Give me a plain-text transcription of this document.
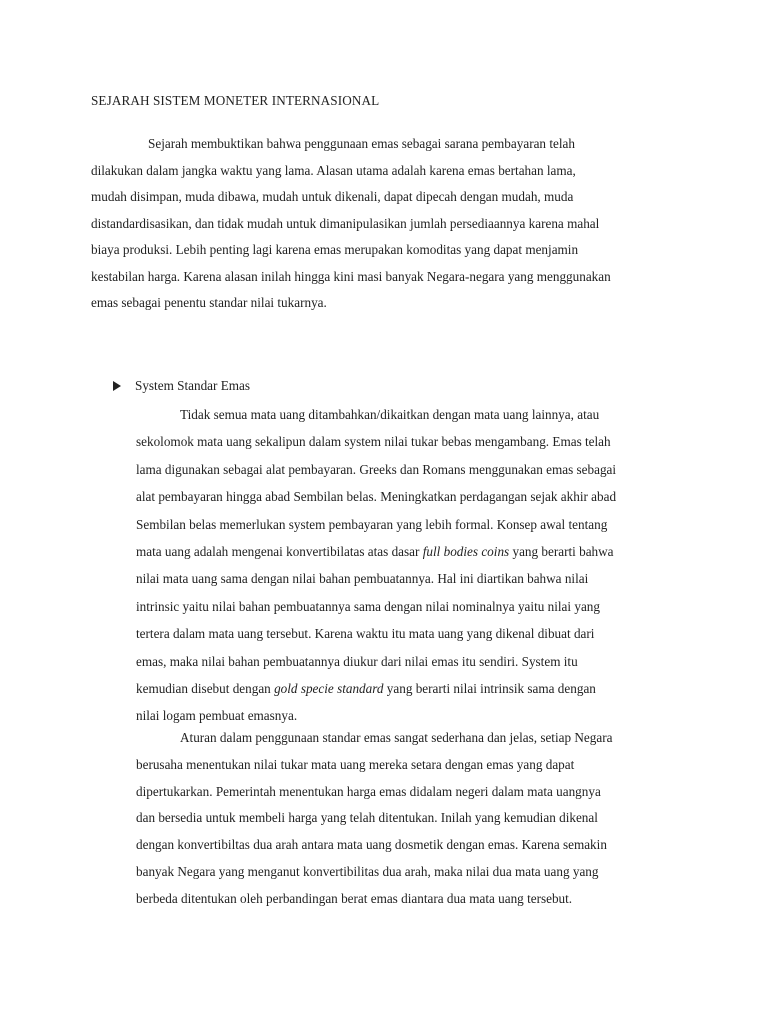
SEJARAH SISTEM MONETER INTERNASIONAL

Sejarah membuktikan bahwa penggunaan emas sebagai sarana pembayaran telah
dilakukan dalam jangka waktu yang lama. Alasan utama adalah karena emas bertahan lama,
mudah disimpan, muda dibawa, mudah untuk dikenali, dapat dipecah dengan mudah, muda
distandardisasikan, dan tidak mudah untuk dimanipulasikan jumlah persediaannya karena mahal
biaya produksi. Lebih penting lagi karena emas merupakan komoditas yang dapat menjamin
kestabilan harga. Karena alasan inilah hingga kini masi banyak Negara-negara yang menggunakan
emas sebagai penentu standar nilai tukarnya.

System Standar Emas

Tidak semua mata uang ditambahkan/dikaitkan dengan mata uang lainnya, atau
sekolomok mata uang sekalipun dalam system nilai tukar bebas mengambang. Emas telah
lama digunakan sebagai alat pembayaran. Greeks dan Romans menggunakan emas sebagai
alat pembayaran hingga abad Sembilan belas. Meningkatkan perdagangan sejak akhir abad
Sembilan belas memerlukan system pembayaran yang lebih formal. Konsep awal tentang
mata uang adalah mengenai konvertibilatas atas dasar full bodies coins yang berarti bahwa
nilai mata uang sama dengan nilai bahan pembuatannya. Hal ini diartikan bahwa nilai
intrinsic yaitu nilai bahan pembuatannya sama dengan nilai nominalnya yaitu nilai yang
tertera dalam mata uang tersebut. Karena waktu itu mata uang yang dikenal dibuat dari
emas, maka nilai bahan pembuatannya diukur dari nilai emas itu sendiri. System itu
kemudian disebut dengan gold specie standard yang berarti nilai intrinsik sama dengan
nilai logam pembuat emasnya.

Aturan dalam penggunaan standar emas sangat sederhana dan jelas, setiap Negara
berusaha menentukan nilai tukar mata uang mereka setara dengan emas yang dapat
dipertukarkan. Pemerintah menentukan harga emas didalam negeri dalam mata uangnya
dan bersedia untuk membeli harga yang telah ditentukan. Inilah yang kemudian dikenal
dengan konvertibiltas dua arah antara mata uang dosmetik dengan emas. Karena semakin
banyak Negara yang menganut konvertibilitas dua arah, maka nilai dua mata uang yang
berbeda ditentukan oleh perbandingan berat emas diantara dua mata uang tersebut.
